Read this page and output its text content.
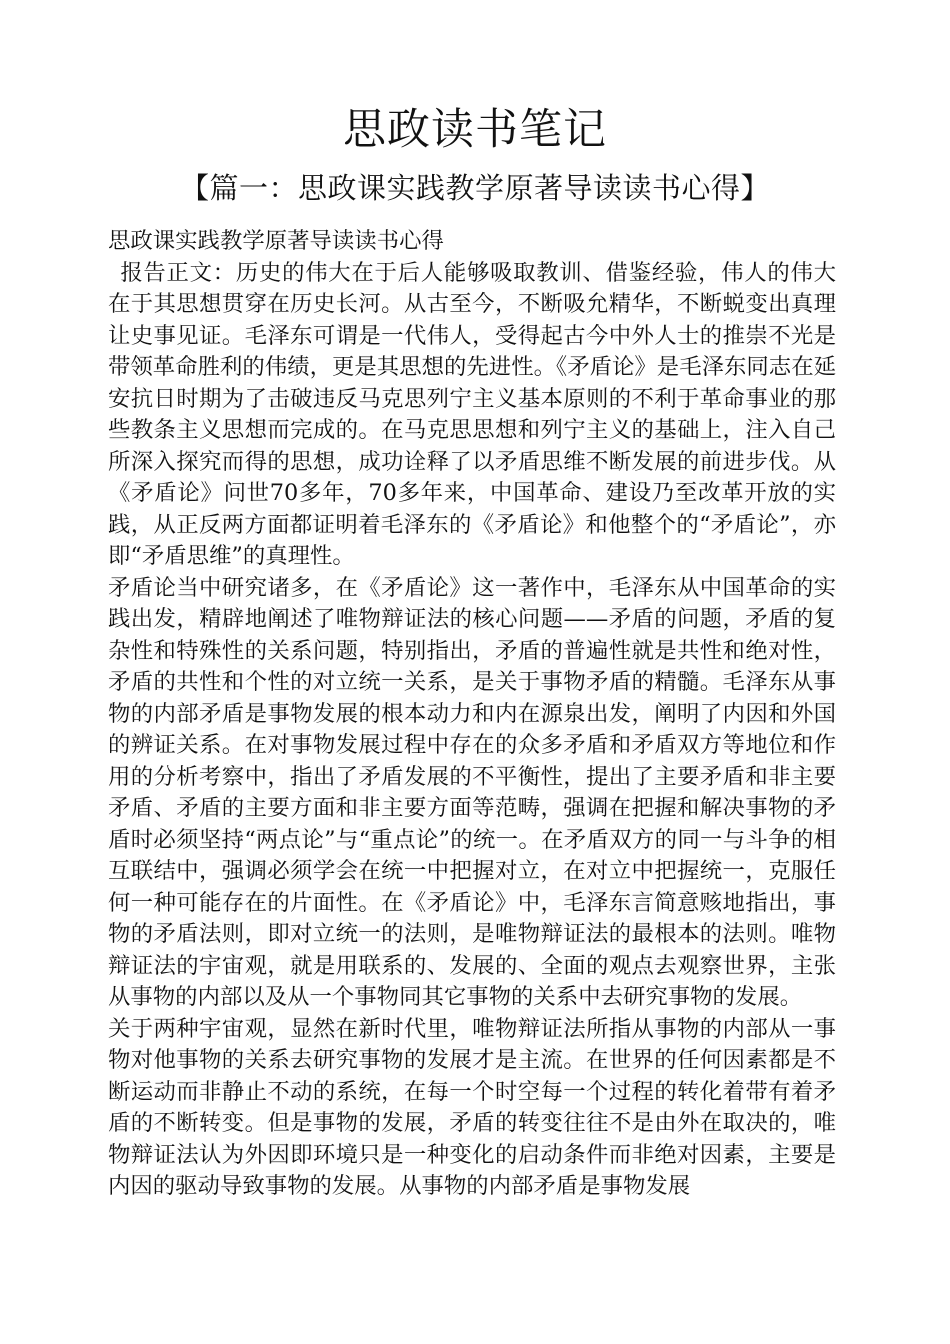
思政读书笔记
【篇一：思政课实践教学原著导读读书心得】

思政课实践教学原著导读读书心得

报告正文：历史的伟大在于后人能够吸取教训、借鉴经验，伟人的伟大在于其思想贯穿在历史长河。从古至今，不断吸允精华，不断蜕变出真理让史事见证。毛泽东可谓是一代伟人，受得起古今中外人士的推崇不光是带领革命胜利的伟绩，更是其思想的先进性。《矛盾论》是毛泽东同志在延安抗日时期为了击破违反马克思列宁主义基本原则的不利于革命事业的那些教条主义思想而完成的。在马克思思想和列宁主义的基础上，注入自己所深入探究而得的思想，成功诠释了以矛盾思维不断发展的前进步伐。从《矛盾论》问世70多年，70多年来，中国革命、建设乃至改革开放的实践，从正反两方面都证明着毛泽东的《矛盾论》和他整个的“矛盾论”，亦即“矛盾思维”的真理性。

矛盾论当中研究诸多，在《矛盾论》这一著作中，毛泽东从中国革命的实践出发，精辟地阐述了唯物辩证法的核心问题——矛盾的问题，矛盾的复杂性和特殊性的关系问题，特别指出，矛盾的普遍性就是共性和绝对性，矛盾的共性和个性的对立统一关系，是关于事物矛盾的精髓。毛泽东从事物的内部矛盾是事物发展的根本动力和内在源泉出发，阐明了内因和外国的辨证关系。在对事物发展过程中存在的众多矛盾和矛盾双方等地位和作用的分析考察中，指出了矛盾发展的不平衡性，提出了主要矛盾和非主要矛盾、矛盾的主要方面和非主要方面等范畴，强调在把握和解决事物的矛盾时必须坚持“两点论”与“重点论”的统一。在矛盾双方的同一与斗争的相互联结中，强调必须学会在统一中把握对立，在对立中把握统一，克服任何一种可能存在的片面性。在《矛盾论》中，毛泽东言简意赅地指出，事物的矛盾法则，即对立统一的法则，是唯物辩证法的最根本的法则。唯物辩证法的宇宙观，就是用联系的、发展的、全面的观点去观察世界，主张从事物的内部以及从一个事物同其它事物的关系中去研究事物的发展。

关于两种宇宙观，显然在新时代里，唯物辩证法所指从事物的内部从一事物对他事物的关系去研究事物的发展才是主流。在世界的任何因素都是不断运动而非静止不动的系统，在每一个时空每一个过程的转化着带有着矛盾的不断转变。但是事物的发展，矛盾的转变往往不是由外在取决的，唯物辩证法认为外因即环境只是一种变化的启动条件而非绝对因素，主要是内因的驱动导致事物的发展。从事物的内部矛盾是事物发展
